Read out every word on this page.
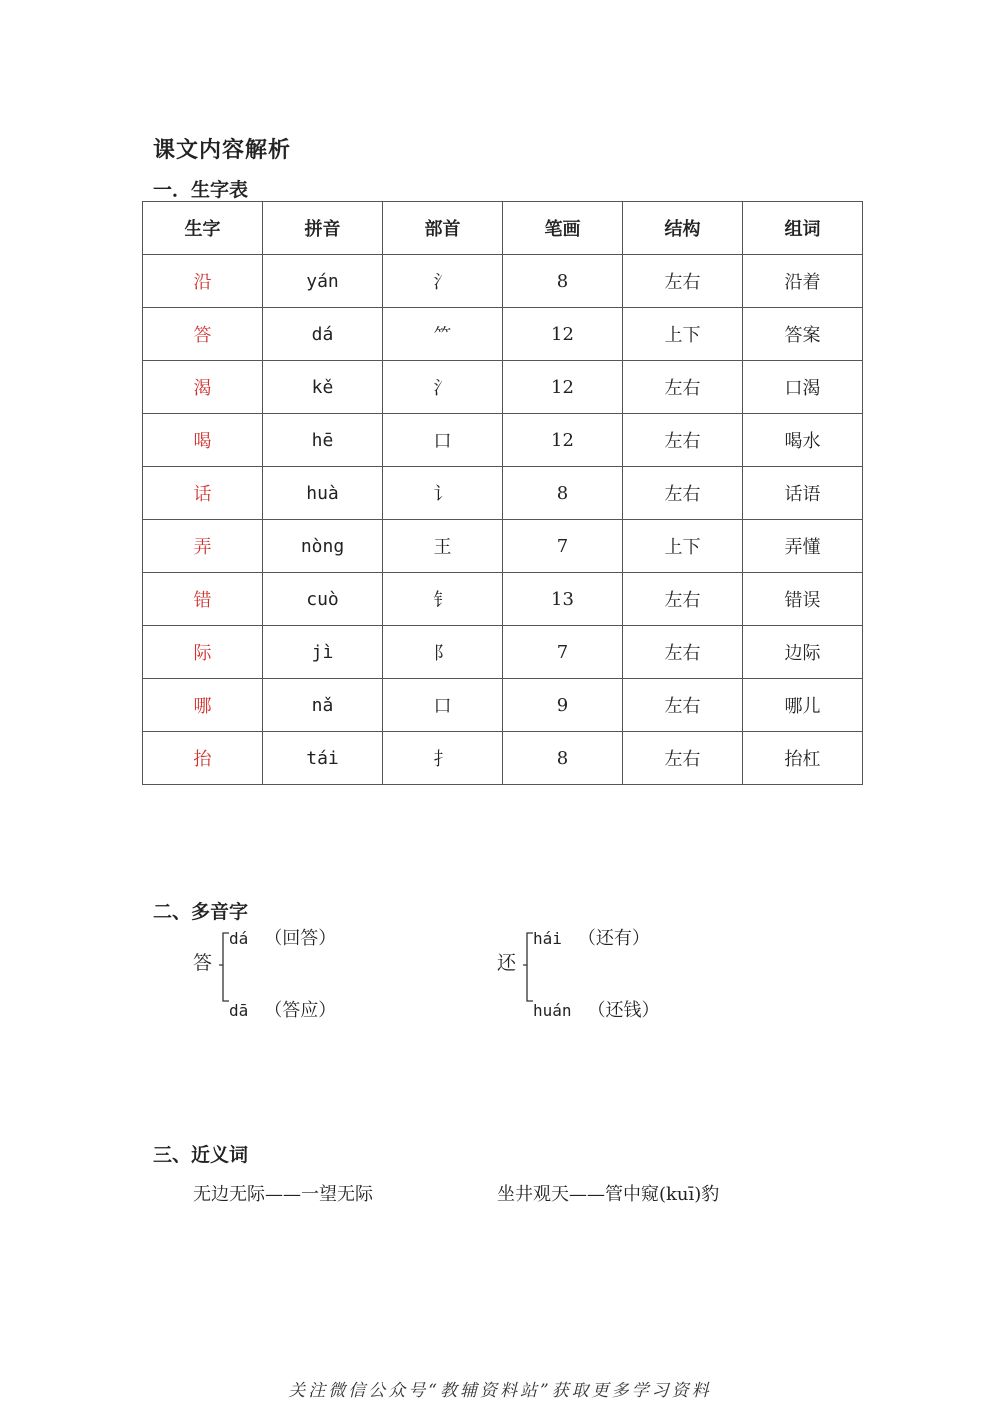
课文内容解析
一．生字表
生字	拼音	部首	笔画	结构	组词
沿	yán	氵	8	左右	沿着
答	dá	⺮	12	上下	答案
渴	kě	氵	12	左右	口渴
喝	hē	口	12	左右	喝水
话	huà	讠	8	左右	话语
弄	nòng	王	7	上下	弄懂
错	cuò	钅	13	左右	错误
际	jì	阝	7	左右	边际
哪	nǎ	口	9	左右	哪儿
抬	tái	扌	8	左右	抬杠
二、多音字
答
dá （回答）
dā （答应）
还
hái （还有）
huán （还钱）
三、近义词
无边无际——一望无际	坐井观天——管中窥(kuī)豹
关注微信公众号“教辅资料站”获取更多学习资料
